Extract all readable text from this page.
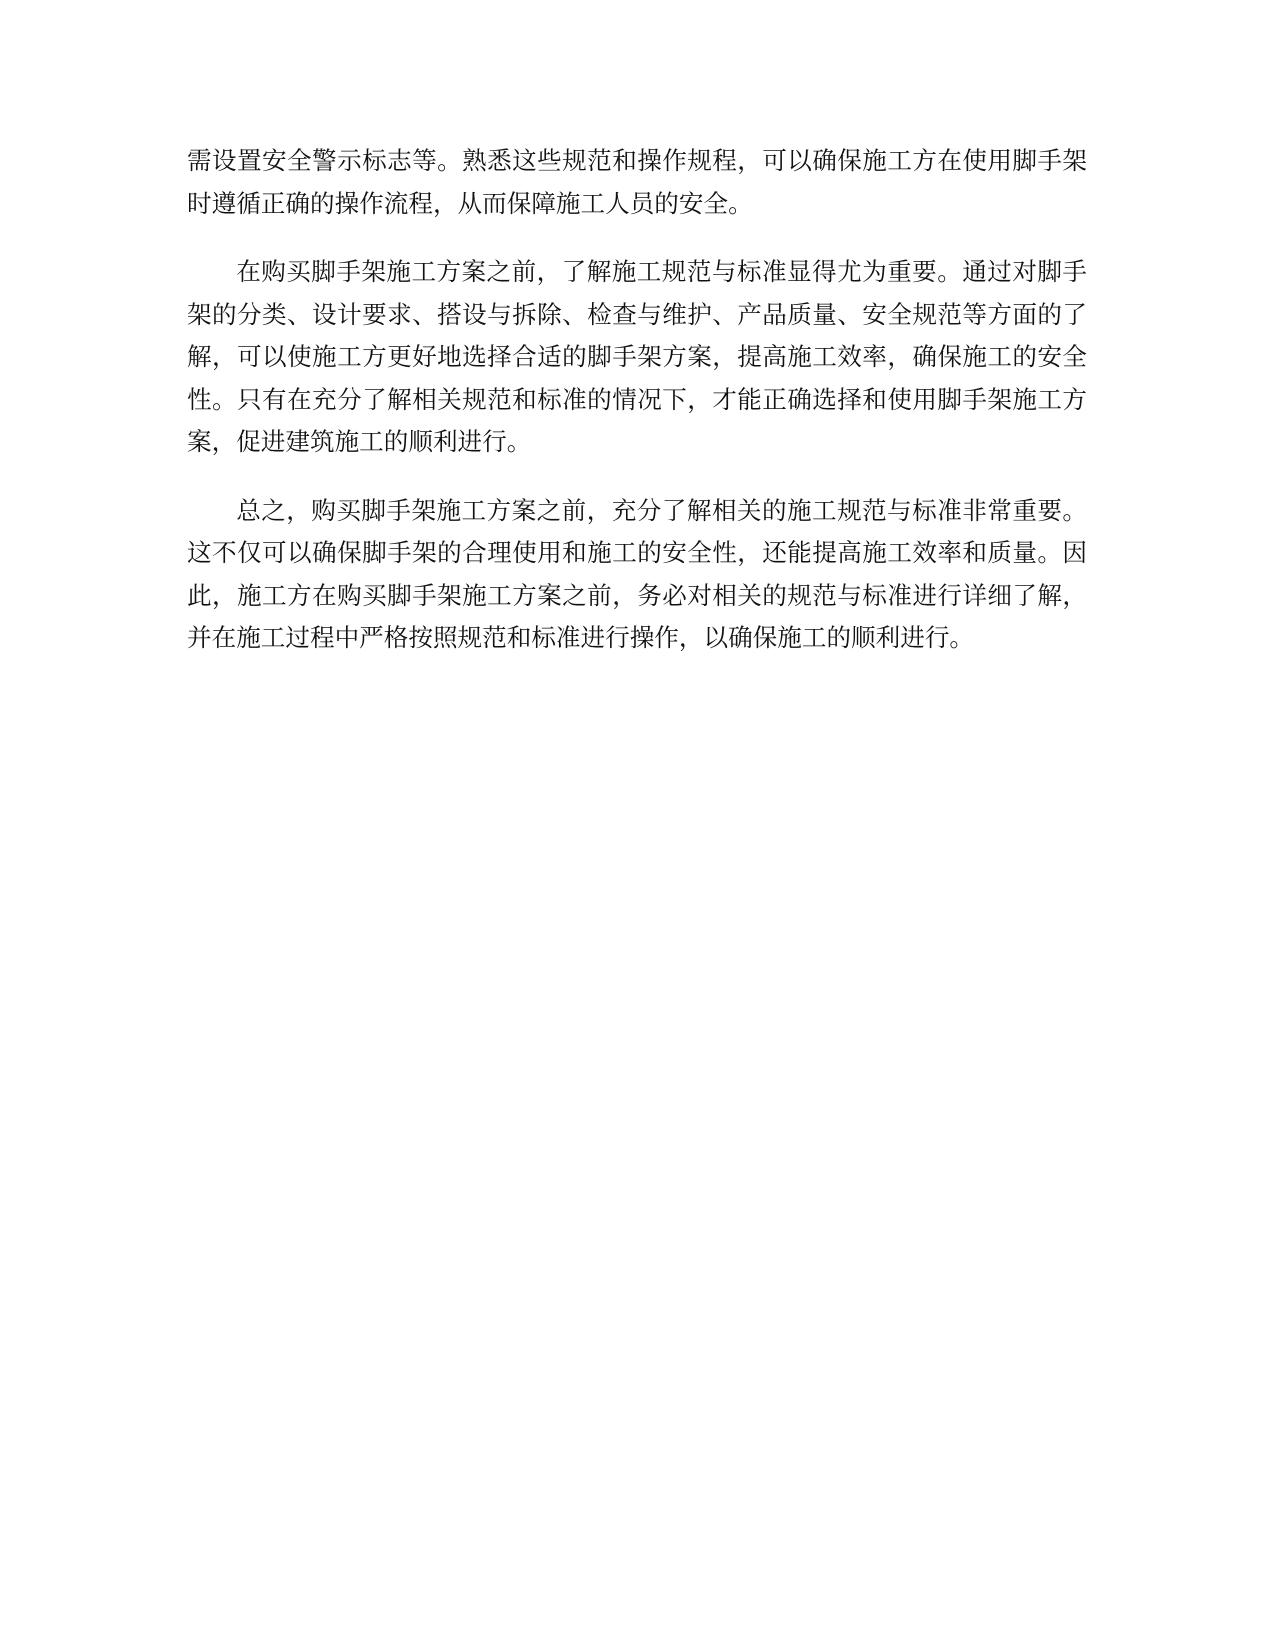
需设置安全警示标志等。熟悉这些规范和操作规程，可以确保施工方在使用脚手架时遵循正确的操作流程，从而保障施工人员的安全。

在购买脚手架施工方案之前，了解施工规范与标准显得尤为重要。通过对脚手架的分类、设计要求、搭设与拆除、检查与维护、产品质量、安全规范等方面的了解，可以使施工方更好地选择合适的脚手架方案，提高施工效率，确保施工的安全性。只有在充分了解相关规范和标准的情况下，才能正确选择和使用脚手架施工方案，促进建筑施工的顺利进行。

总之，购买脚手架施工方案之前，充分了解相关的施工规范与标准非常重要。这不仅可以确保脚手架的合理使用和施工的安全性，还能提高施工效率和质量。因此，施工方在购买脚手架施工方案之前，务必对相关的规范与标准进行详细了解，并在施工过程中严格按照规范和标准进行操作，以确保施工的顺利进行。
